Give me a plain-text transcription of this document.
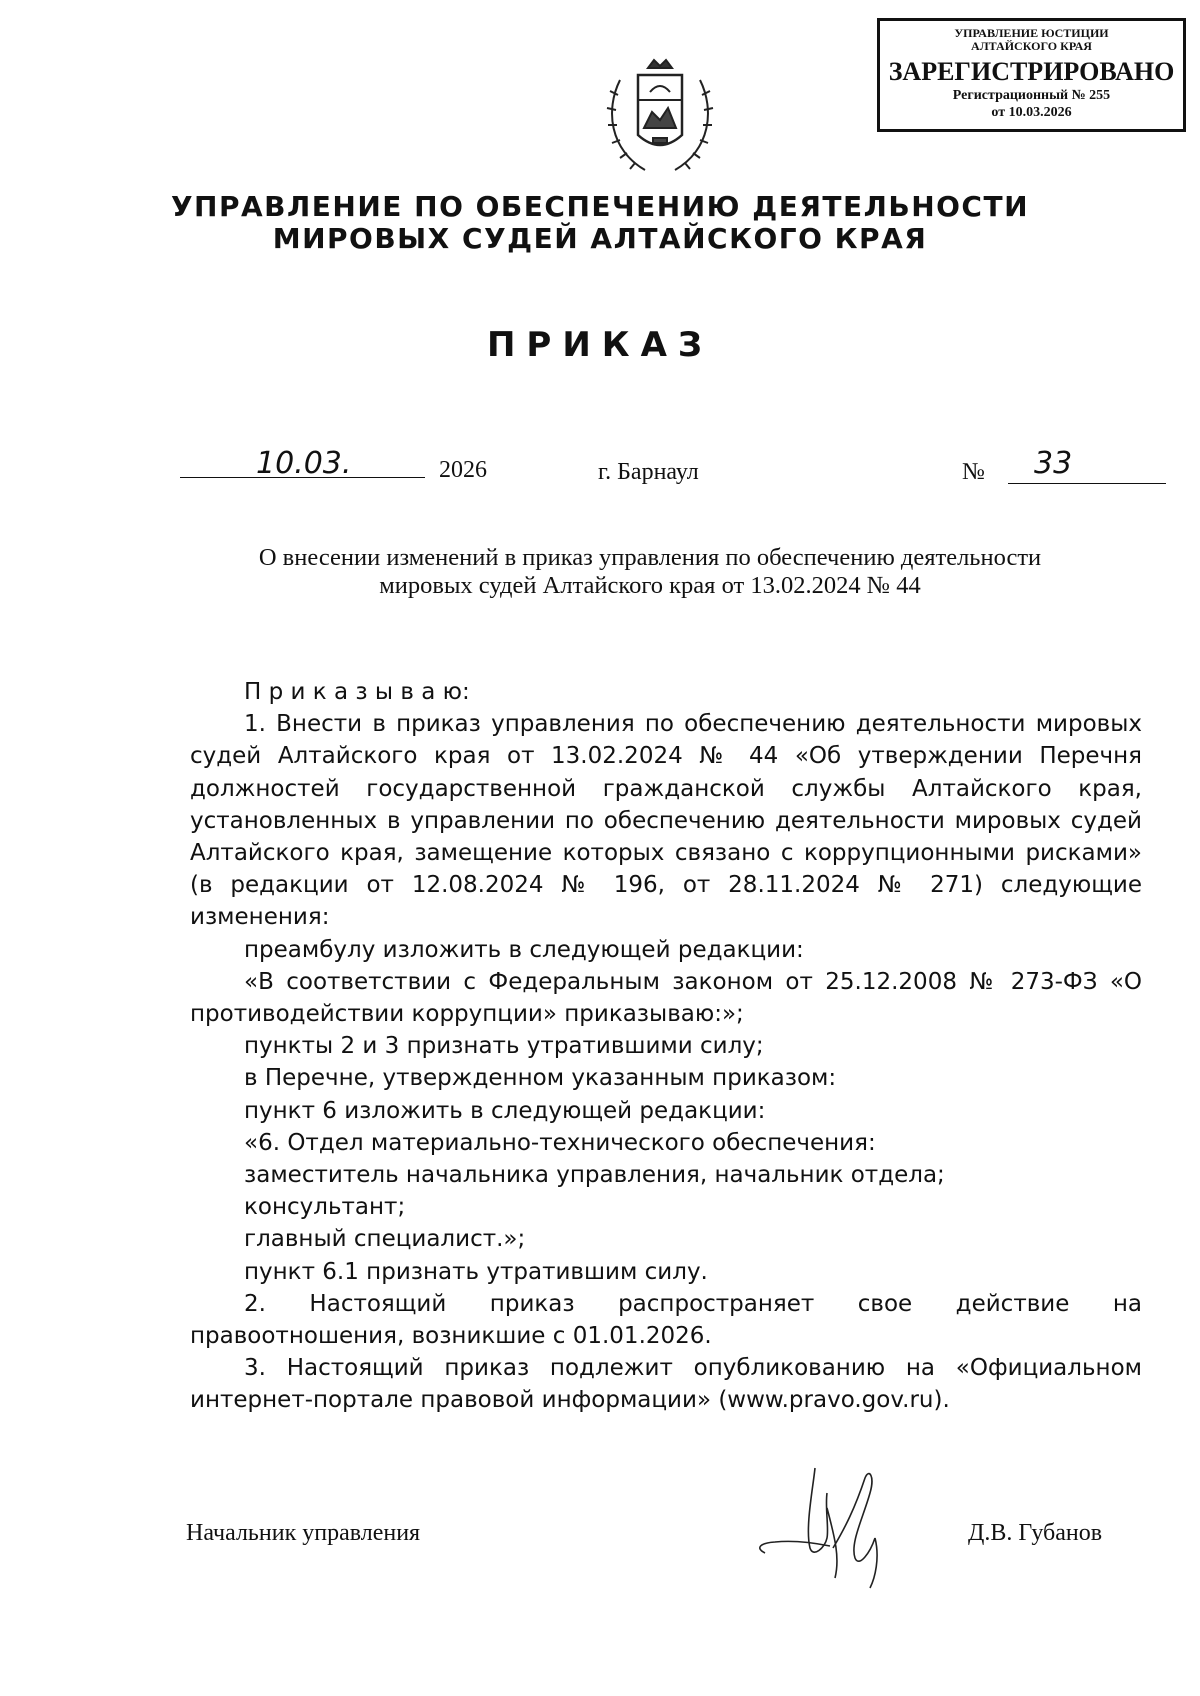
УПРАВЛЕНИЕ ЮСТИЦИИ
АЛТАЙСКОГО КРАЯ
ЗАРЕГИСТРИРОВАНО
Регистрационный № 255
от 10.03.2026
УПРАВЛЕНИЕ ПО ОБЕСПЕЧЕНИЮ ДЕЯТЕЛЬНОСТИ
МИРОВЫХ СУДЕЙ АЛТАЙСКОГО КРАЯ
ПРИКАЗ
10.03.	2026	г. Барнаул	№ 33
О внесении изменений в приказ управления по обеспечению деятельности
мировых судей Алтайского края от 13.02.2024 № 44

П р и к а з ы в а ю:

1. Внести в приказ управления по обеспечению деятельности мировых судей Алтайского края от 13.02.2024 № 44 «Об утверждении Перечня должностей государственной гражданской службы Алтайского края, установленных в управлении по обеспечению деятельности мировых судей Алтайского края, замещение которых связано с коррупционными рисками» (в редакции от 12.08.2024 № 196, от 28.11.2024 № 271) следующие изменения:

преамбулу изложить в следующей редакции:

«В соответствии с Федеральным законом от 25.12.2008 № 273-ФЗ «О противодействии коррупции» приказываю:»;

пункты 2 и 3 признать утратившими силу;

в Перечне, утвержденном указанным приказом:

пункт 6 изложить в следующей редакции:

«6. Отдел материально-технического обеспечения:

заместитель начальника управления, начальник отдела;

консультант;

главный специалист.»;

пункт 6.1 признать утратившим силу.

2. Настоящий приказ распространяет свое действие на правоотношения, возникшие с 01.01.2026.

3. Настоящий приказ подлежит опубликованию на «Официальном интернет-портале правовой информации» (www.pravo.gov.ru).

Начальник управления	Д.В. Губанов
